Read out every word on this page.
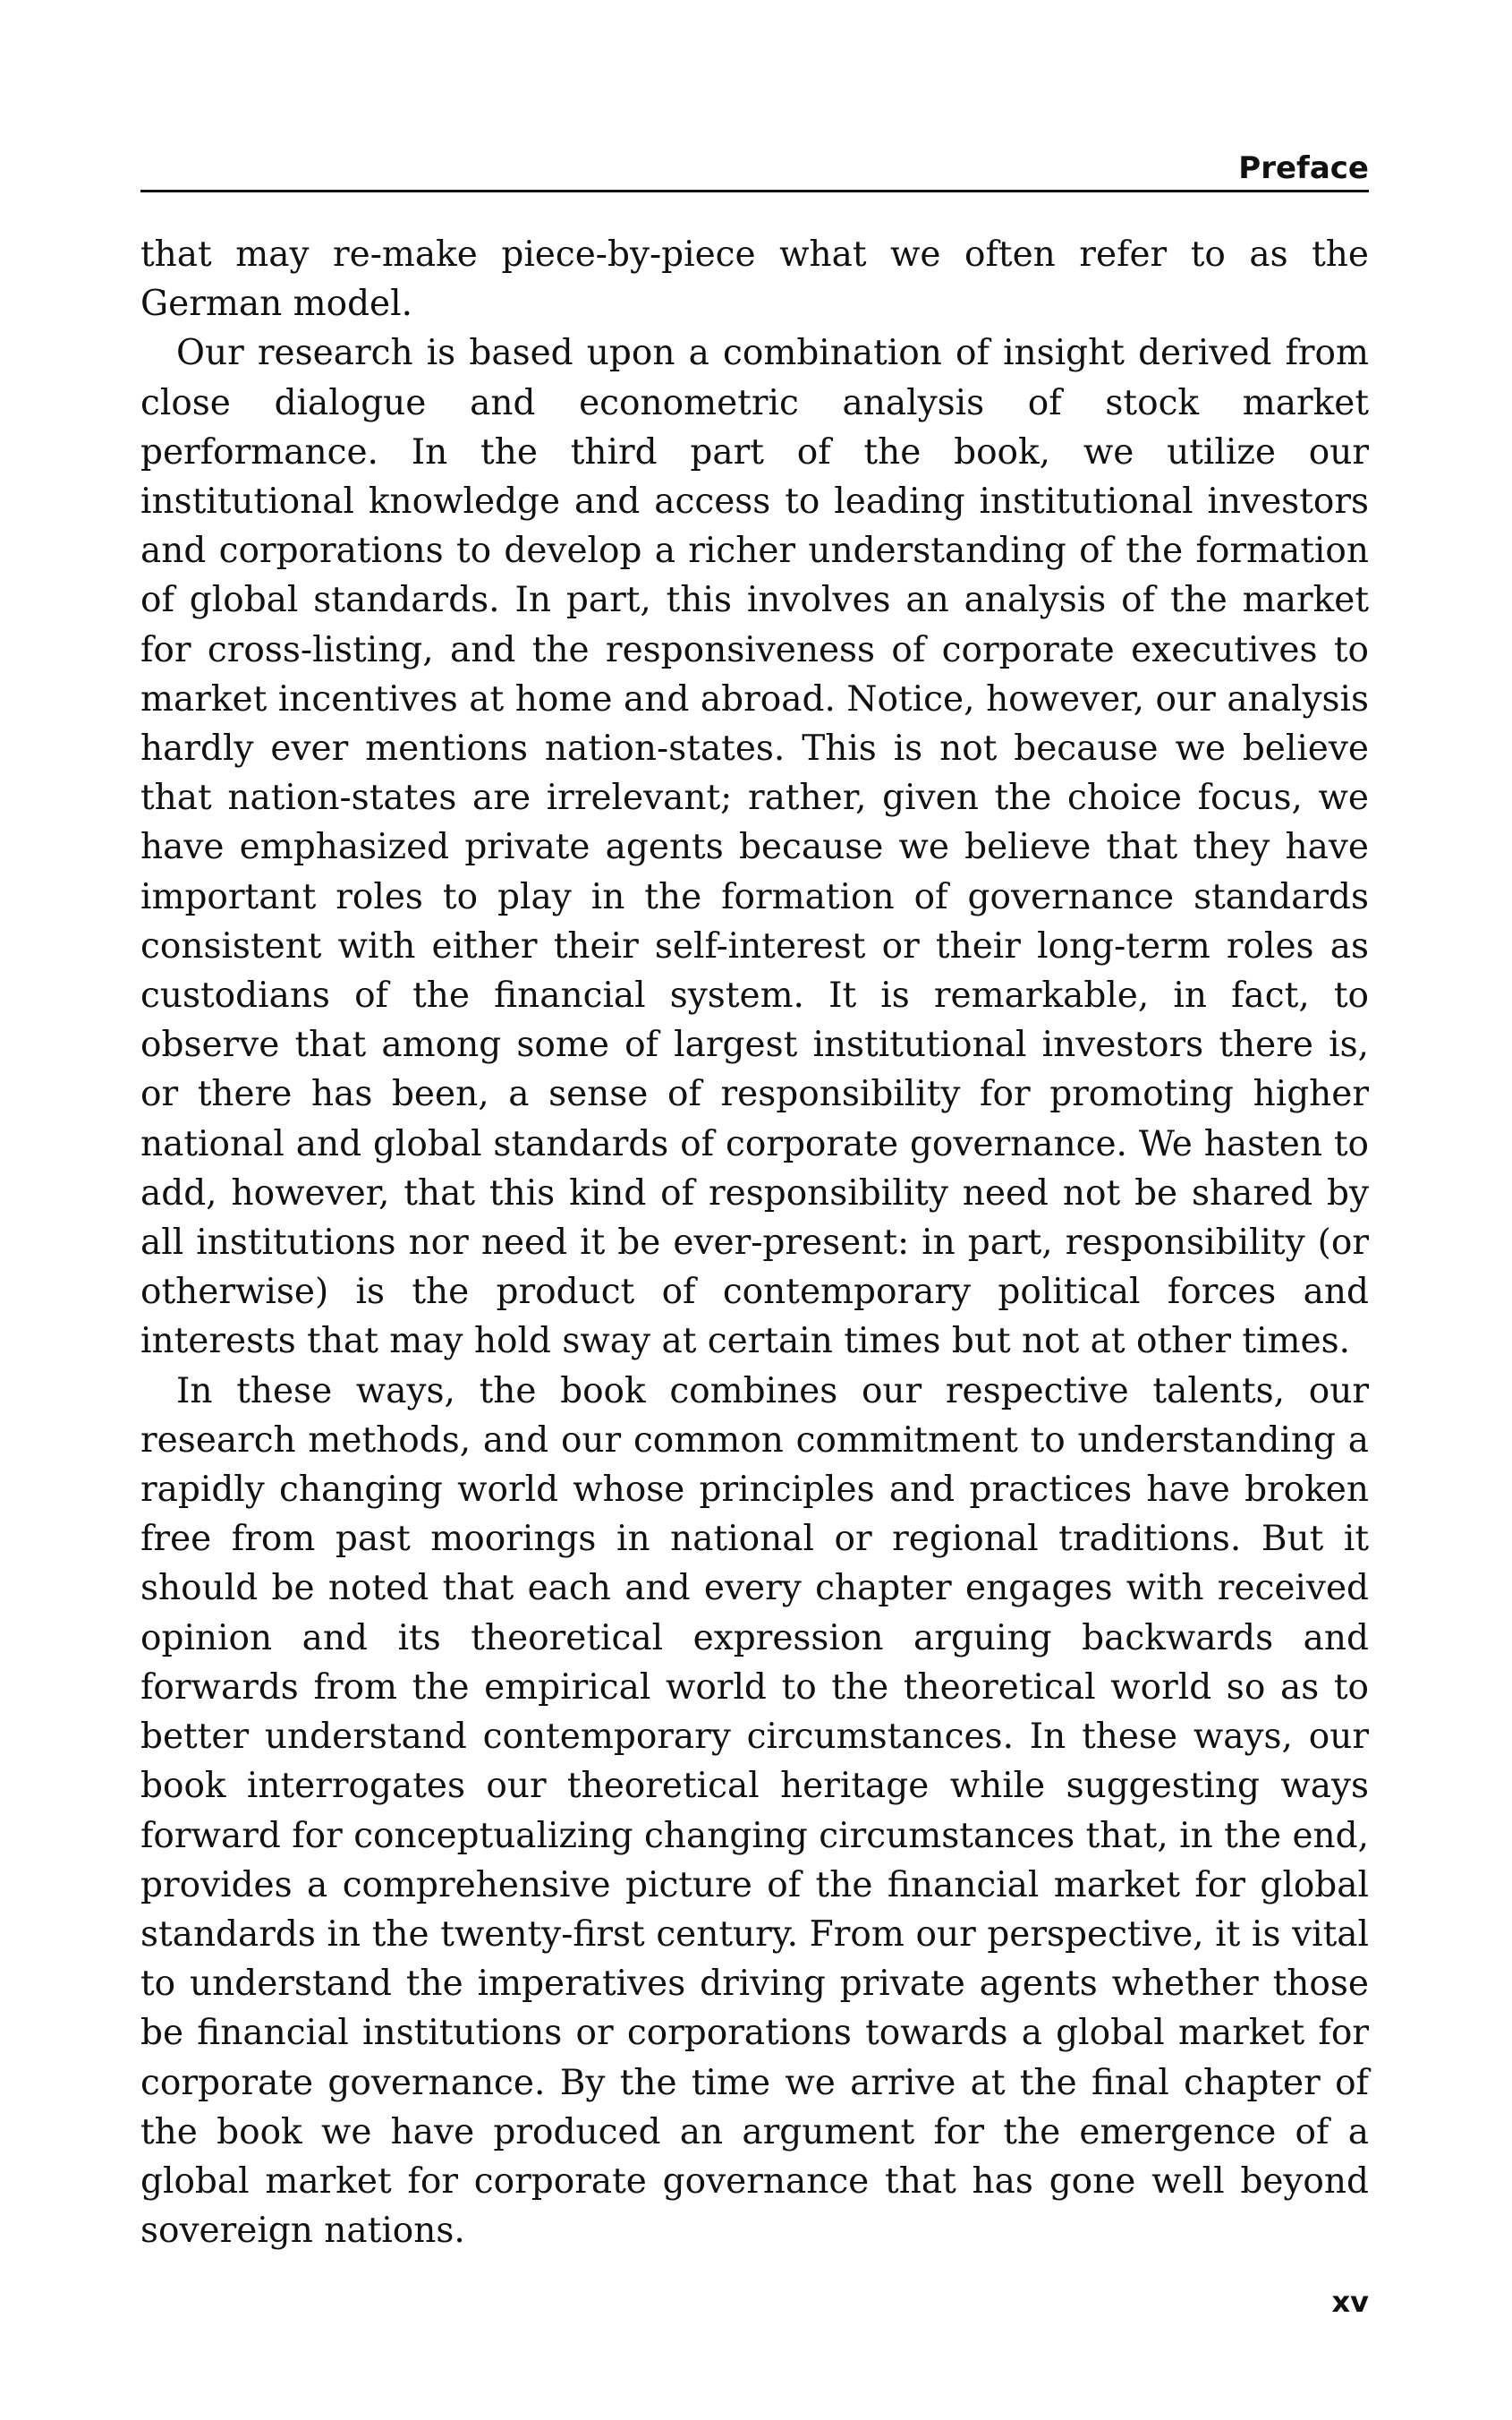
Preface

that may re-make piece-by-piece what we often refer to as the German model.

Our research is based upon a combination of insight derived from close dialogue and econometric analysis of stock market performance. In the third part of the book, we utilize our institutional knowledge and access to leading institutional investors and corporations to develop a richer understanding of the formation of global standards. In part, this involves an analysis of the market for cross-listing, and the responsiveness of corporate executives to market incentives at home and abroad. Notice, however, our analysis hardly ever mentions nation-states. This is not because we believe that nation-states are irrelevant; rather, given the choice focus, we have emphasized private agents because we believe that they have important roles to play in the formation of governance standards consistent with either their self-interest or their long-term roles as custodians of the financial system. It is remarkable, in fact, to observe that among some of largest institutional investors there is, or there has been, a sense of responsibility for promoting higher national and global standards of corporate governance. We hasten to add, however, that this kind of responsibility need not be shared by all institutions nor need it be ever-present: in part, responsibility (or otherwise) is the product of contemporary political forces and interests that may hold sway at certain times but not at other times.

In these ways, the book combines our respective talents, our research methods, and our common commitment to understanding a rapidly changing world whose principles and practices have broken free from past moorings in national or regional traditions. But it should be noted that each and every chapter engages with received opinion and its theoretical expression arguing backwards and forwards from the empirical world to the theoretical world so as to better understand contemporary circumstances. In these ways, our book interrogates our theoretical heritage while suggesting ways forward for conceptualizing changing circumstances that, in the end, provides a comprehensive picture of the financial market for global standards in the twenty-first century. From our perspective, it is vital to understand the imperatives driving private agents whether those be financial institutions or corporations towards a global market for corporate governance. By the time we arrive at the final chapter of the book we have produced an argument for the emergence of a global market for corporate governance that has gone well beyond sovereign nations.

xv
